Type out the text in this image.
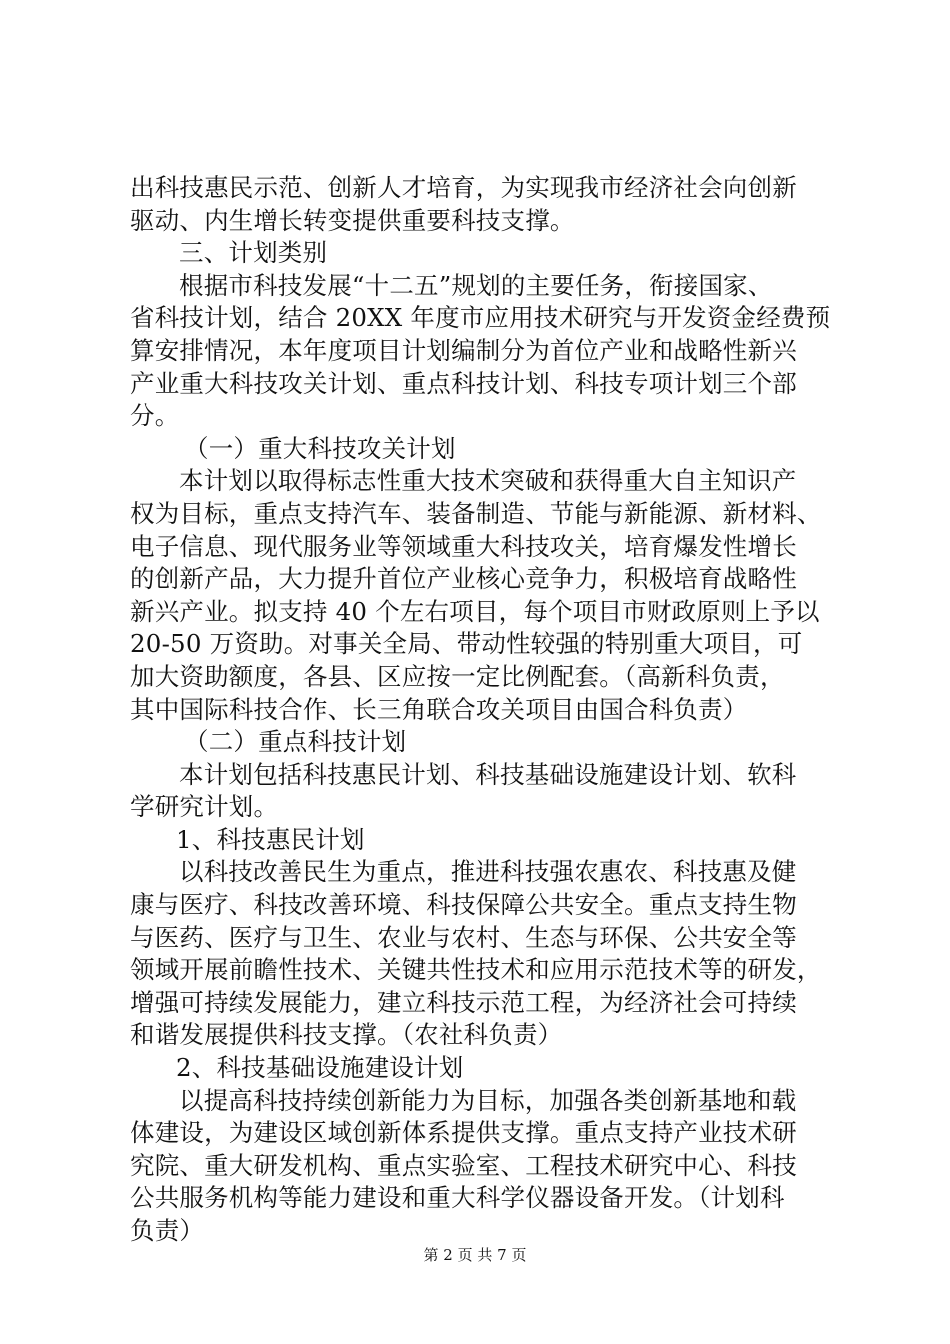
出科技惠民示范、创新人才培育，为实现我市经济社会向创新
驱动、内生增长转变提供重要科技支撑。
三、计划类别
根据市科技发展“十二五”规划的主要任务，衔接国家、
省科技计划，结合 20XX 年度市应用技术研究与开发资金经费预
算安排情况，本年度项目计划编制分为首位产业和战略性新兴
产业重大科技攻关计划、重点科技计划、科技专项计划三个部
分。
（一）重大科技攻关计划
本计划以取得标志性重大技术突破和获得重大自主知识产
权为目标，重点支持汽车、装备制造、节能与新能源、新材料、
电子信息、现代服务业等领域重大科技攻关，培育爆发性增长
的创新产品，大力提升首位产业核心竞争力，积极培育战略性
新兴产业。拟支持 40 个左右项目，每个项目市财政原则上予以
20-50 万资助。对事关全局、带动性较强的特别重大项目，可
加大资助额度，各县、区应按一定比例配套。（高新科负责，
其中国际科技合作、长三角联合攻关项目由国合科负责）
（二）重点科技计划
本计划包括科技惠民计划、科技基础设施建设计划、软科
学研究计划。
1、科技惠民计划
以科技改善民生为重点，推进科技强农惠农、科技惠及健
康与医疗、科技改善环境、科技保障公共安全。重点支持生物
与医药、医疗与卫生、农业与农村、生态与环保、公共安全等
领域开展前瞻性技术、关键共性技术和应用示范技术等的研发，
增强可持续发展能力，建立科技示范工程，为经济社会可持续
和谐发展提供科技支撑。（农社科负责）
2、科技基础设施建设计划
以提高科技持续创新能力为目标，加强各类创新基地和载
体建设，为建设区域创新体系提供支撑。重点支持产业技术研
究院、重大研发机构、重点实验室、工程技术研究中心、科技
公共服务机构等能力建设和重大科学仪器设备开发。（计划科
负责）
第 2 页 共 7 页
